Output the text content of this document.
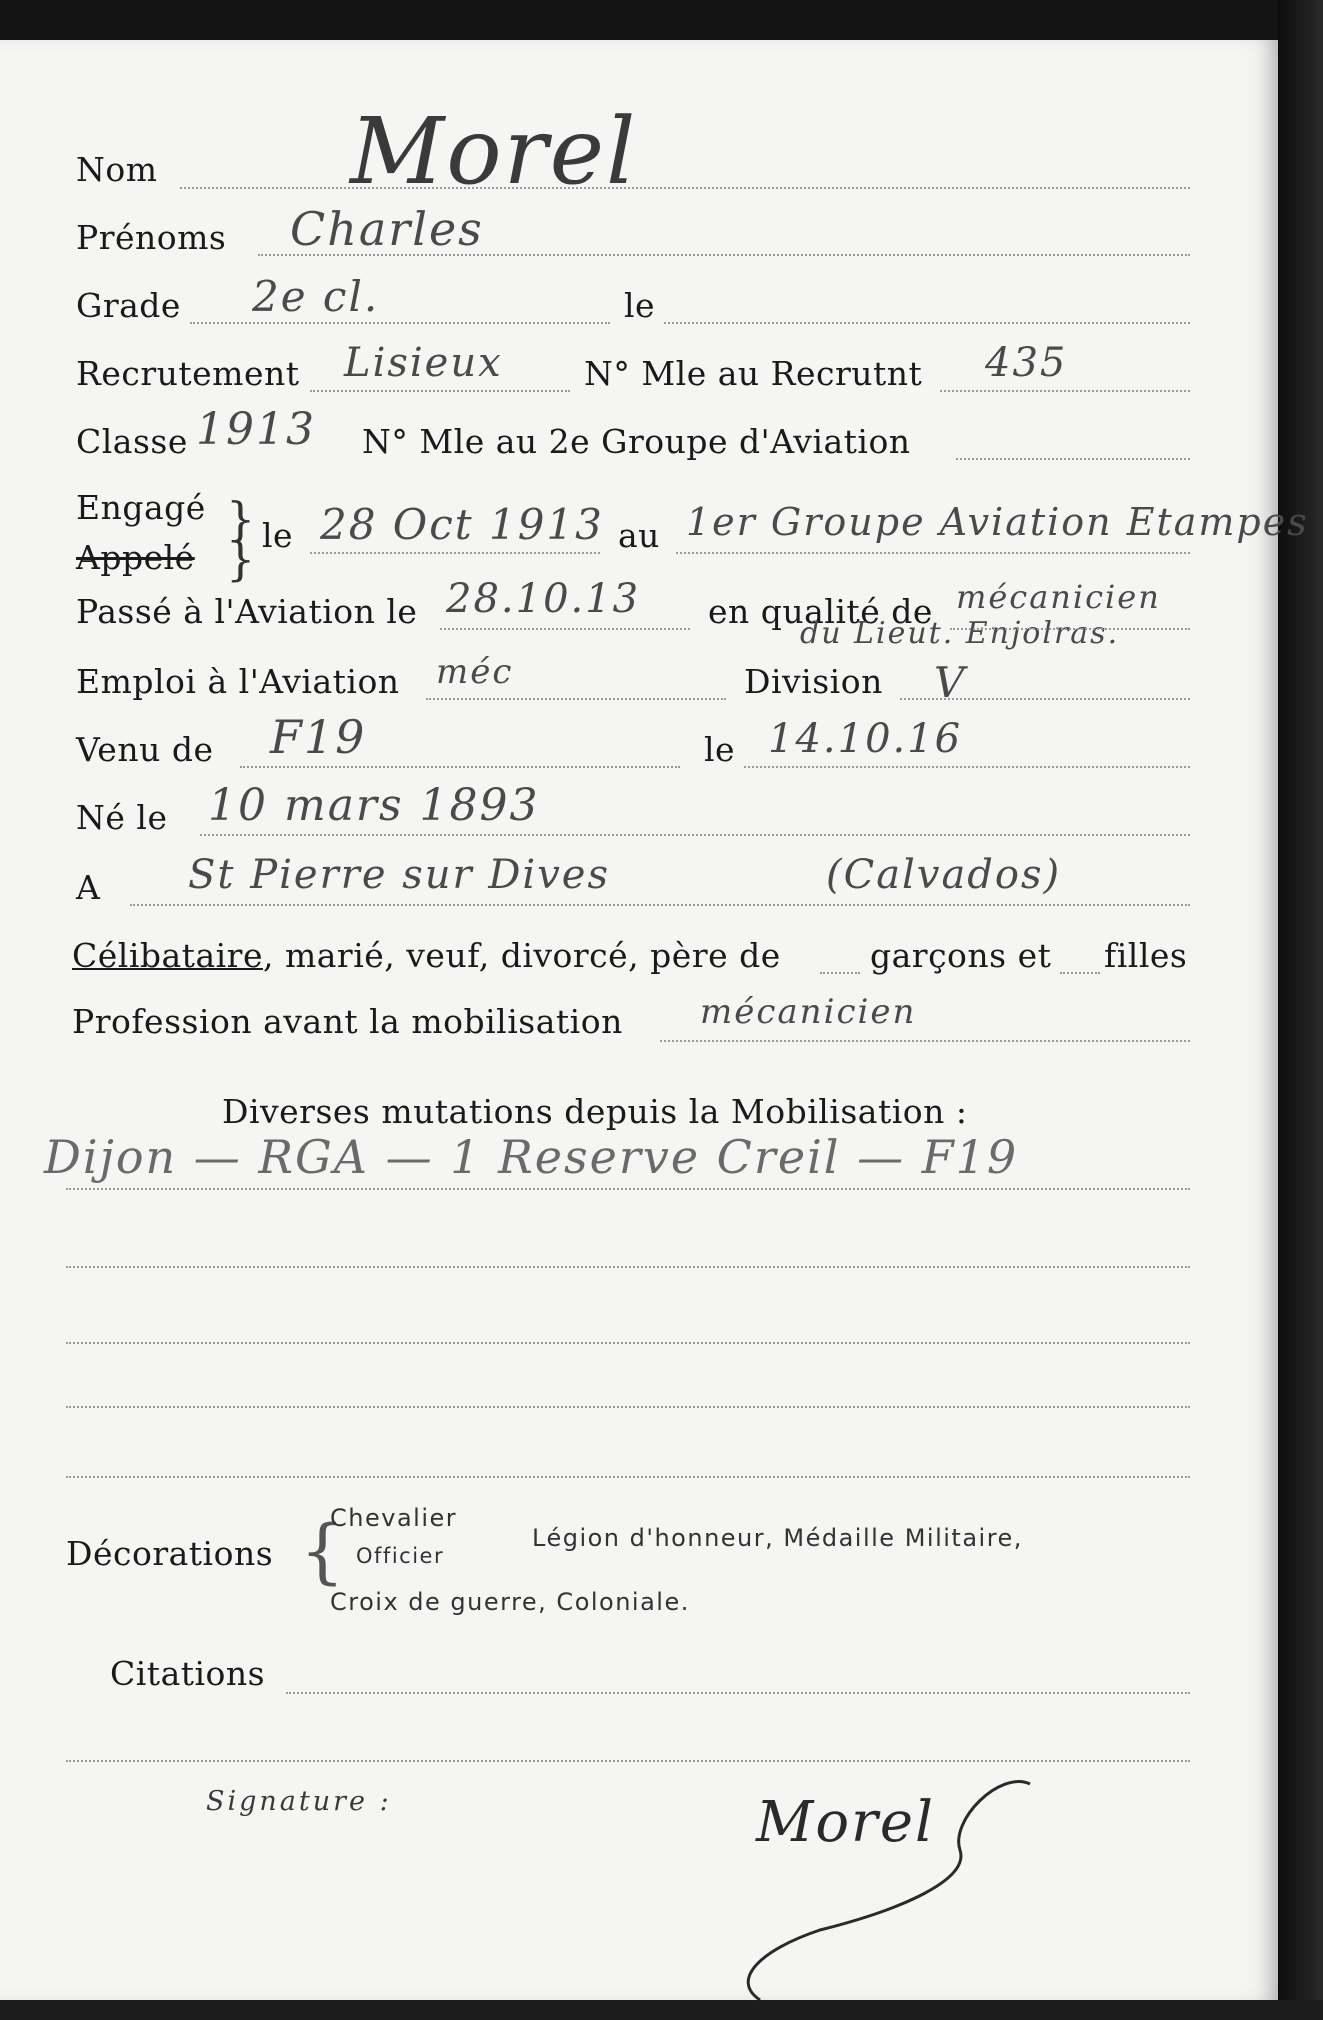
Nom Morel
Prénoms Charles
Grade 2e cl.	le
Recrutement Lisieux N° Mle au Recrutnt 435
Classe 1913 N° Mle au 2e Groupe d'Aviation
Engagé
Appelé
}
} le 28 Oct 1913 au 1er Groupe Aviation Etampes
Passé à l'Aviation le 28.10.13 en qualité de mécanicien
du Lieut. Enjolras.
Emploi à l'Aviation méc	Division V
Venu de F19	le 14.10.16
Né le 10 mars 1893
A St Pierre sur Dives	(Calvados)
Célibataire, marié, veuf, divorcé, père de	garçons et filles
Profession avant la mobilisation mécanicien
Diverses mutations depuis la Mobilisation :
Dijon — RGA — 1 Reserve Creil — F19
Décorations {
Chevalier
Officier
Légion d'honneur, Médaille Militaire,
Croix de guerre, Coloniale.
Citations
Signature :	Morel
